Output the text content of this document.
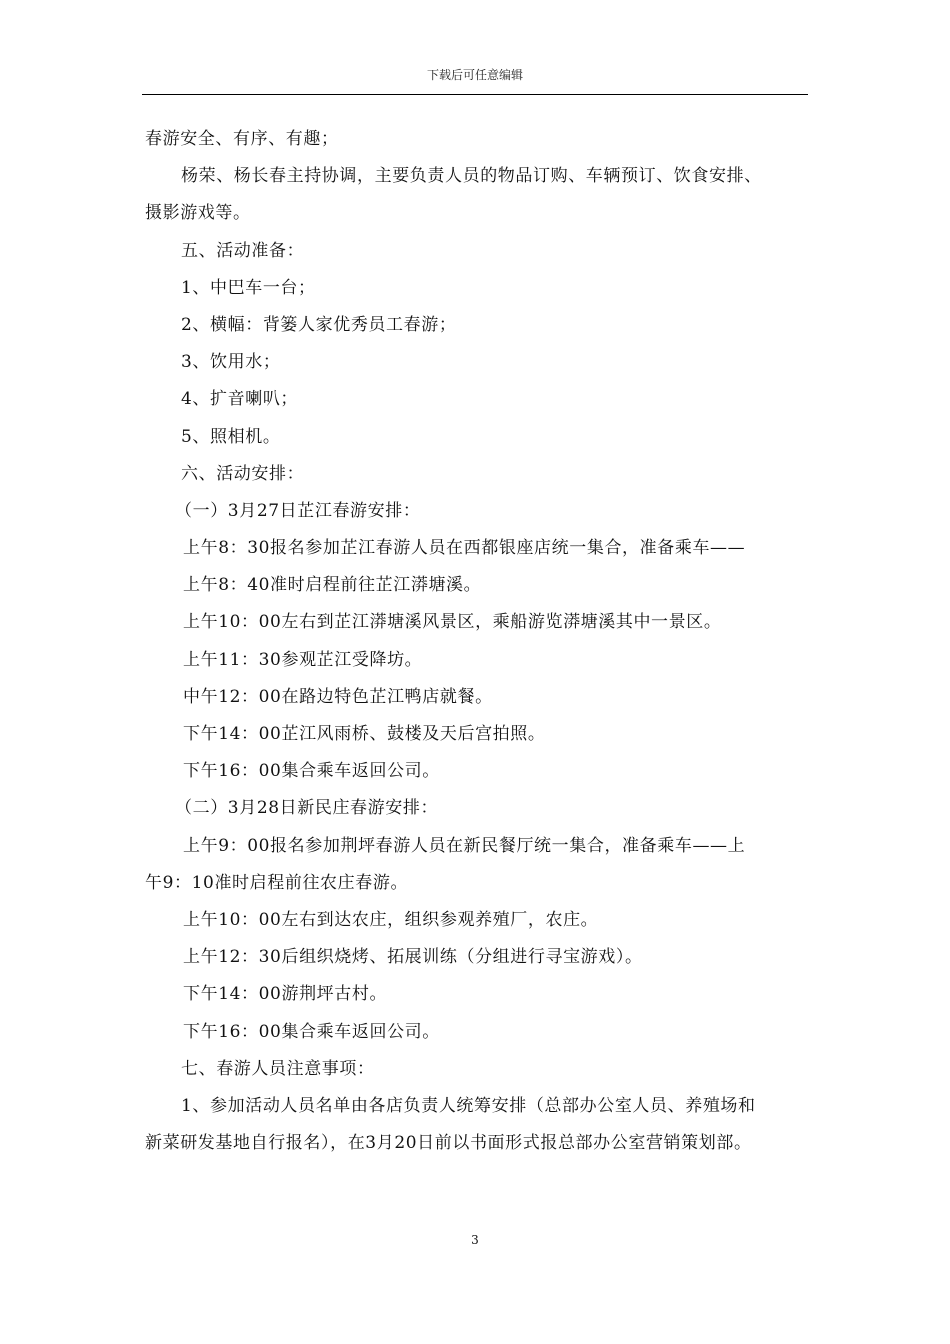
下载后可任意编辑
春游安全、有序、有趣；
杨荣、杨长春主持协调，主要负责人员的物品订购、车辆预订、饮食安排、
摄影游戏等。
五、活动准备：
1、中巴车一台；
2、横幅：背篓人家优秀员工春游；
3、饮用水；
4、扩音喇叭；
5、照相机。
六、活动安排：
（一）3月27日芷江春游安排：
上午8：30报名参加芷江春游人员在西都银座店统一集合，准备乘车——
上午8：40准时启程前往芷江漭塘溪。
上午10：00左右到芷江漭塘溪风景区，乘船游览漭塘溪其中一景区。
上午11：30参观芷江受降坊。
中午12：00在路边特色芷江鸭店就餐。
下午14：00芷江风雨桥、鼓楼及天后宫拍照。
下午16：00集合乘车返回公司。
（二）3月28日新民庄春游安排：
上午9：00报名参加荆坪春游人员在新民餐厅统一集合，准备乘车——上
午9：10准时启程前往农庄春游。
上午10：00左右到达农庄，组织参观养殖厂，农庄。
上午12：30后组织烧烤、拓展训练（分组进行寻宝游戏）。
下午14：00游荆坪古村。
下午16：00集合乘车返回公司。
七、春游人员注意事项：
1、参加活动人员名单由各店负责人统筹安排（总部办公室人员、养殖场和
新菜研发基地自行报名），在3月20日前以书面形式报总部办公室营销策划部。
3
